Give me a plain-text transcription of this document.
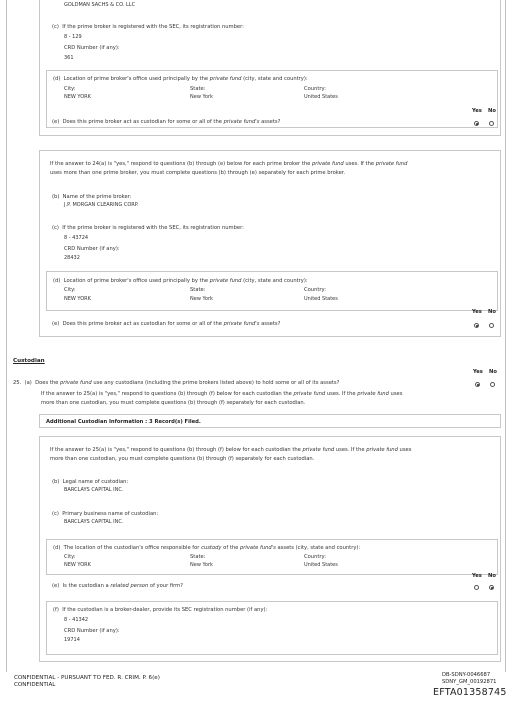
GOLDMAN SACHS & CO. LLC
(c) If the prime broker is registered with the SEC, its registration number:
8 - 129
CRD Number (if any):
361
(d) Location of prime broker's office used principally by the private fund (city, state and country):
City:
NEW YORK
State:
New York
Country:
United States
Yes No
(e) Does this prime broker act as custodian for some or all of the private fund's assets?
If the answer to 24(a) is "yes," respond to questions (b) through (e) below for each prime broker the private fund uses. If the private fund
uses more than one prime broker, you must complete questions (b) through (e) separately for each prime broker.
(b) Name of the prime broker:
J.P. MORGAN CLEARING CORP.
(c) If the prime broker is registered with the SEC, its registration number:
8 - 43724
CRD Number (if any):
28432
(d) Location of prime broker's office used principally by the private fund (city, state and country):
City:
NEW YORK
State:
New York
Country:
United States
Yes No
(e) Does this prime broker act as custodian for some or all of the private fund's assets?
Custodian
Yes No
25. (a) Does the private fund use any custodians (including the prime brokers listed above) to hold some or all of its assets?
If the answer to 25(a) is "yes," respond to questions (b) through (f) below for each custodian the private fund uses. If the private fund uses
more than one custodian, you must complete questions (b) through (f) separately for each custodian.
Additional Custodian Information : 3 Record(s) Filed.
If the answer to 25(a) is "yes," respond to questions (b) through (f) below for each custodian the private fund uses. If the private fund uses
more than one custodian, you must complete questions (b) through (f) separately for each custodian.
(b) Legal name of custodian:
BARCLAYS CAPITAL INC.
(c) Primary business name of custodian:
BARCLAYS CAPITAL INC.
(d) The location of the custodian's office responsible for custody of the private fund's assets (city, state and country):
City:
NEW YORK
State:
New York
Country:
United States
Yes No
(e) Is the custodian a related person of your firm?
(f) If the custodian is a broker-dealer, provide its SEC registration number (if any):
8 - 41342
CRD Number (if any):
19714
CONFIDENTIAL - PURSUANT TO FED. R. CRIM. P. 6(e)
CONFIDENTIAL
DB-SDNY-0046687
SDNY_GM_00192871
EFTA01358745
